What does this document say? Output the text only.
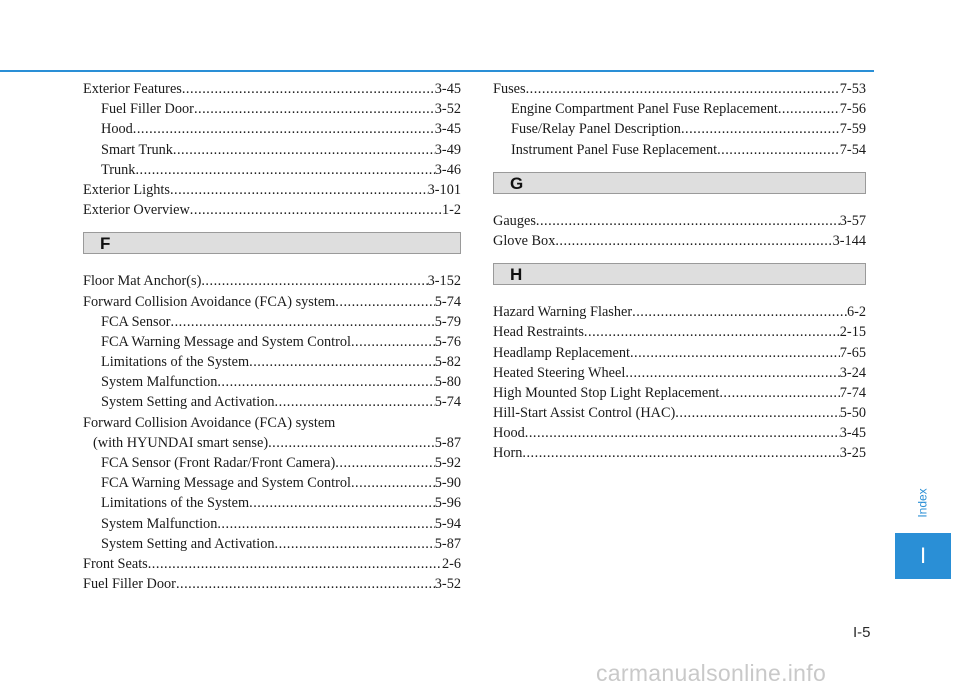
Exterior Features .....	3-45
Fuel Filler Door .....	3-52
Hood .....	3-45
Smart Trunk .....	3-49
Trunk .....	3-46
Exterior Lights .....	3-101
Exterior Overview .....	1-2
F
Floor Mat Anchor(s) .....	3-152
Forward Collision Avoidance (FCA) system .....	5-74
FCA Sensor .....	5-79
FCA Warning Message and System Control .....	5-76
Limitations of the System .....	5-82
System Malfunction .....	5-80
System Setting and Activation .....	5-74
Forward Collision Avoidance (FCA) system
(with HYUNDAI smart sense) .....	5-87
FCA Sensor (Front Radar/Front Camera) .....	5-92
FCA Warning Message and System Control .....	5-90
Limitations of the System .....	5-96
System Malfunction .....	5-94
System Setting and Activation .....	5-87
Front Seats .....	2-6
Fuel Filler Door .....	3-52
Fuses .....	7-53
Engine Compartment Panel Fuse Replacement .....	7-56
Fuse/Relay Panel Description .....	7-59
Instrument Panel Fuse Replacement .....	7-54
G
Gauges .....	3-57
Glove Box .....	3-144
H
Hazard Warning Flasher .....	6-2
Head Restraints .....	2-15
Headlamp Replacement .....	7-65
Heated Steering Wheel .....	3-24
High Mounted Stop Light Replacement .....	7-74
Hill-Start Assist Control (HAC) .....	5-50
Hood .....	3-45
Horn .....	3-25
Index
I
I-5
carmanualsonline.info
